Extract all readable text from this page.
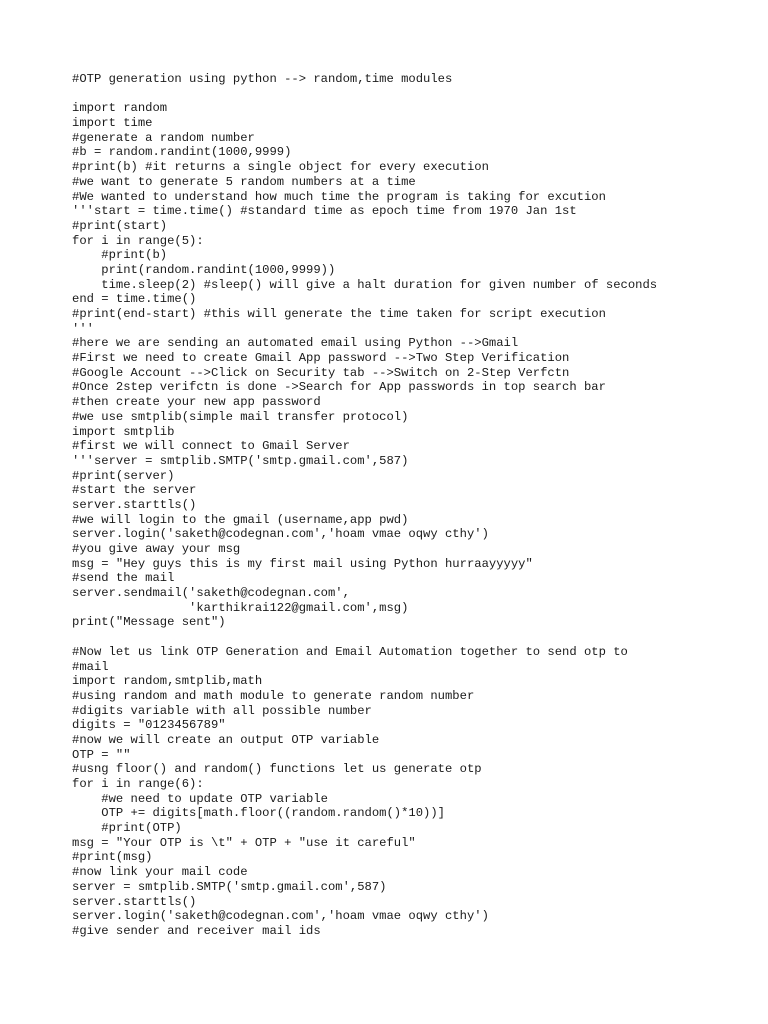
#OTP generation using python --> random,time modules
import random
import time
#generate a random number
#b = random.randint(1000,9999)
#print(b) #it returns a single object for every execution
#we want to generate 5 random numbers at a time
#We wanted to understand how much time the program is taking for excution
'''start = time.time() #standard time as epoch time from 1970 Jan 1st
#print(start)
for i in range(5):
#print(b)
print(random.randint(1000,9999))
time.sleep(2) #sleep() will give a halt duration for given number of seconds
end = time.time()
#print(end-start) #this will generate the time taken for script execution
'''
#here we are sending an automated email using Python -->Gmail
#First we need to create Gmail App password -->Two Step Verification
#Google Account -->Click on Security tab -->Switch on 2-Step Verfctn
#Once 2step verifctn is done ->Search for App passwords in top search bar
#then create your new app password
#we use smtplib(simple mail transfer protocol)
import smtplib
#first we will connect to Gmail Server
'''server = smtplib.SMTP('smtp.gmail.com',587)
#print(server)
#start the server
server.starttls()
#we will login to the gmail (username,app pwd)
server.login('saketh@codegnan.com','hoam vmae oqwy cthy')
#you give away your msg
msg = "Hey guys this is my first mail using Python hurraayyyyy"
#send the mail
server.sendmail('saketh@codegnan.com',
'karthikrai122@gmail.com',msg)
print("Message sent")
#Now let us link OTP Generation and Email Automation together to send otp to
#mail
import random,smtplib,math
#using random and math module to generate random number
#digits variable with all possible number
digits = "0123456789"
#now we will create an output OTP variable
OTP = ""
#usng floor() and random() functions let us generate otp
for i in range(6):
#we need to update OTP variable
OTP += digits[math.floor((random.random()*10))]
#print(OTP)
msg = "Your OTP is \t" + OTP + "use it careful"
#print(msg)
#now link your mail code
server = smtplib.SMTP('smtp.gmail.com',587)
server.starttls()
server.login('saketh@codegnan.com','hoam vmae oqwy cthy')
#give sender and receiver mail ids
